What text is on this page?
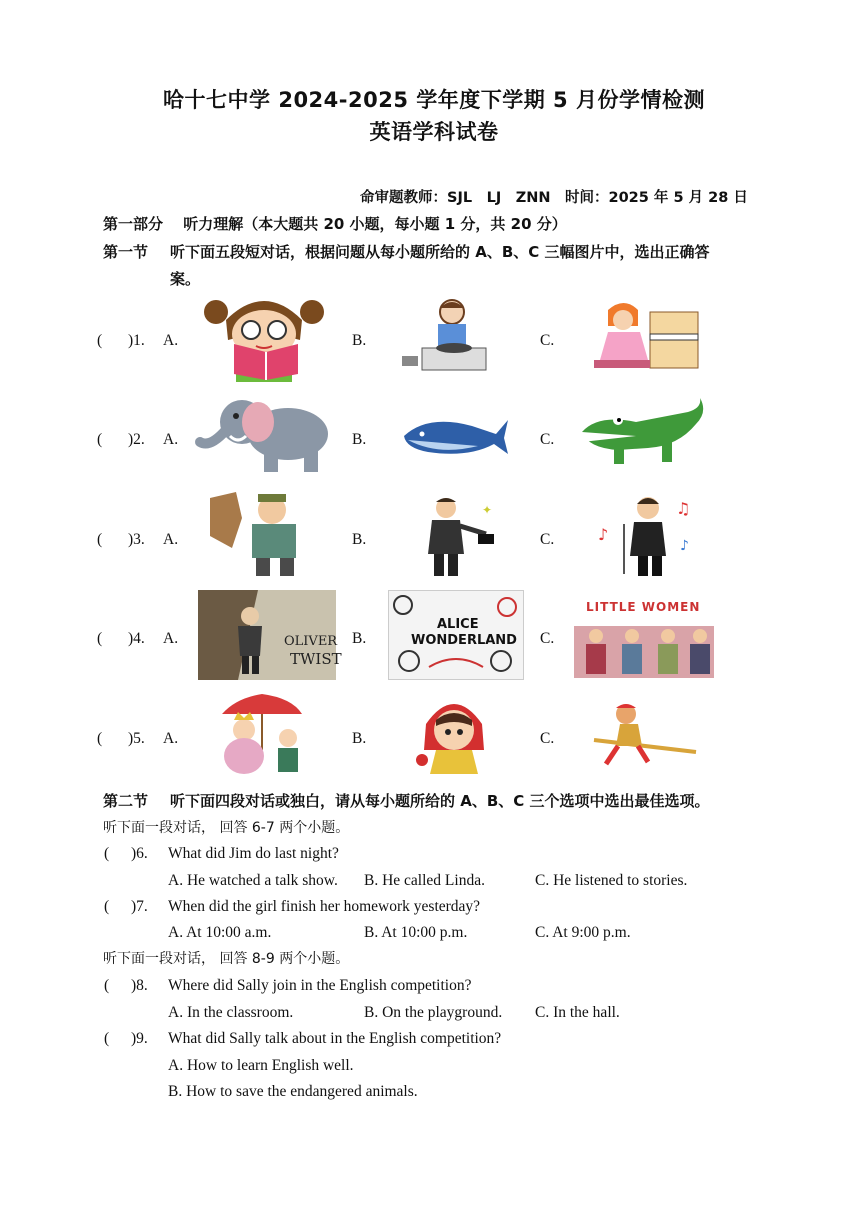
哈十七中学 2024-2025 学年度下学期 5 月份学情检测
英语学科试卷
命审题教师：SJL　LJ　ZNN　时间：2025 年 5 月 28 日
第一部分　 听力理解（本大题共 20 小题，每小题 1 分，共 20 分）
第一节 听下面五段短对话，根据问题从每小题所给的 A、B、C 三幅图片中，选出正确答
案。
( )1. A.	B.	C.
( )2. A.	B.	C.
( )3. A.	B.	C.
✦
♪
♫
♪
( )4. A.	B.	C.
OLIVER
TWIST
ALICE
WONDERLAND
LITTLE WOMEN
( )5. A.	B.	C.
第二节 听下面四段对话或独白，请从每小题所给的 A、B、C 三个选项中选出最佳选项。
听下面一段对话， 回答 6-7 两个小题。
( )6. What did Jim do last night?
A. He watched a talk show. B. He called Linda.	C. He listened to stories.
( )7. When did the girl finish her homework yesterday?
A. At 10:00 a.m.	B. At 10:00 p.m.	C. At 9:00 p.m.
听下面一段对话， 回答 8-9 两个小题。
( )8. Where did Sally join in the English competition?
A. In the classroom.	B. On the playground. C. In the hall.
( )9. What did Sally talk about in the English competition?
A. How to learn English well.
B. How to save the endangered animals.
